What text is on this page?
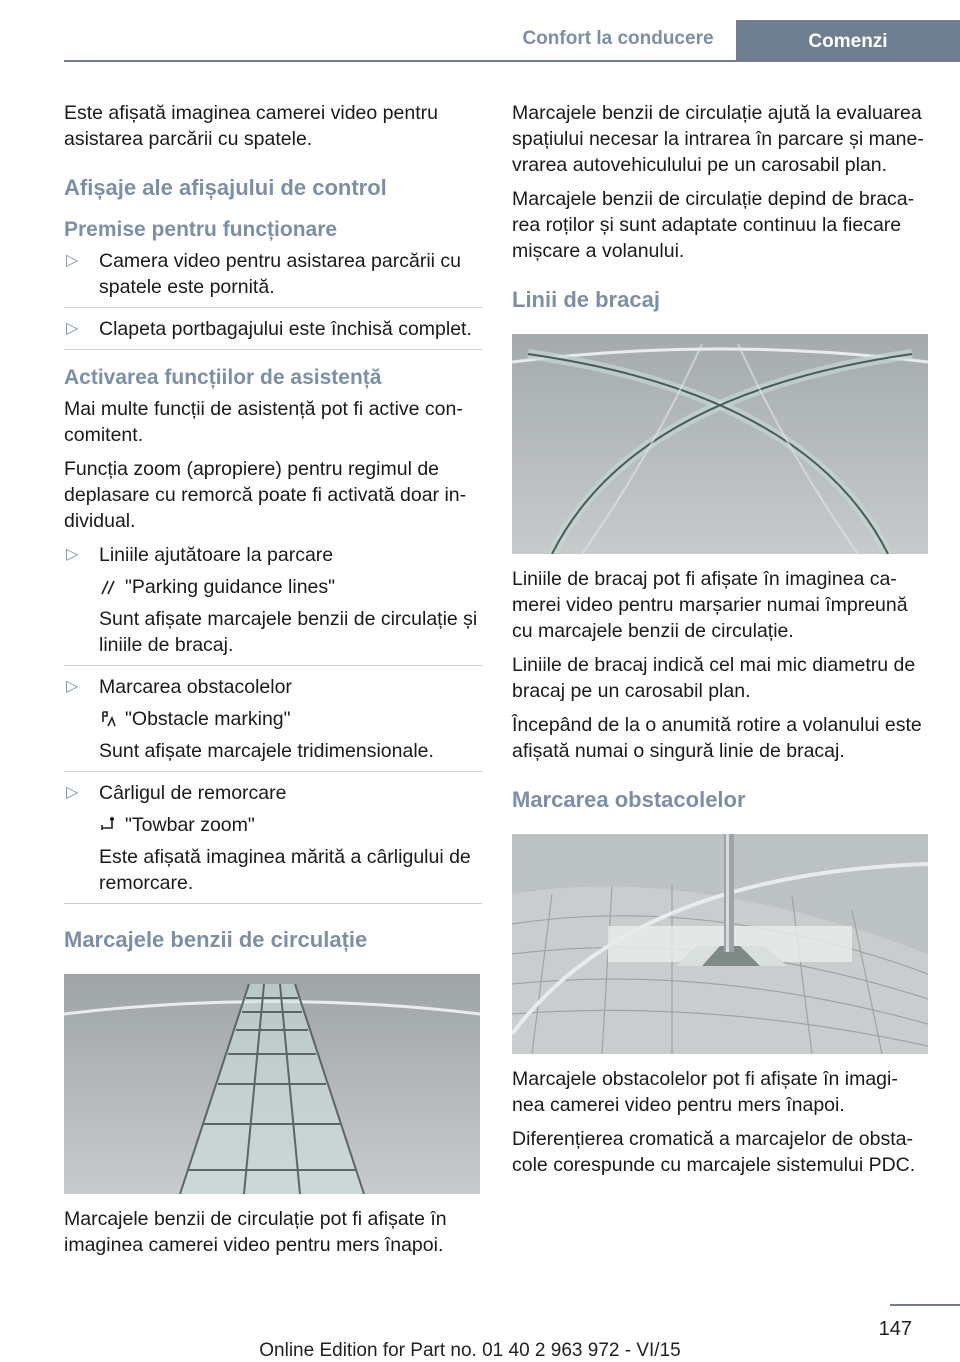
Confort la conducere	Comenzi

Este afișată imaginea camerei video pentru asistarea parcării cu spatele.

Afișaje ale afișajului de control
Premise pentru funcționare
▷ Camera video pentru asistarea parcării cu spatele este pornită.
▷ Clapeta portbagajului este închisă complet.
Activarea funcțiilor de asistență

Mai multe funcții de asistență pot fi active con-comitent.

Funcția zoom (apropiere) pentru regimul de deplasare cu remorcă poate fi activată doar in-dividual.

▷ Liniile ajutătoare la parcare
"Parking guidance lines"
Sunt afișate marcajele benzii de circulație și liniile de bracaj.
▷ Marcarea obstacolelor
"Obstacle marking"
Sunt afișate marcajele tridimensionale.
▷ Cârligul de remorcare
"Towbar zoom"
Este afișată imaginea mărită a cârligului de remorcare.
Marcajele benzii de circulație

Marcajele benzii de circulație pot fi afișate în imaginea camerei video pentru mers înapoi.

Marcajele benzii de circulație ajută la evaluarea spațiului necesar la intrarea în parcare și mane-vrarea autovehiculului pe un carosabil plan.

Marcajele benzii de circulație depind de braca-rea roților și sunt adaptate continuu la fiecare mișcare a volanului.

Linii de bracaj

Liniile de bracaj pot fi afișate în imaginea ca-merei video pentru marșarier numai împreună cu marcajele benzii de circulație.

Liniile de bracaj indică cel mai mic diametru de bracaj pe un carosabil plan.

Începând de la o anumită rotire a volanului este afișată numai o singură linie de bracaj.

Marcarea obstacolelor

Marcajele obstacolelor pot fi afișate în imagi-nea camerei video pentru mers înapoi.

Diferențierea cromatică a marcajelor de obsta-cole corespunde cu marcajele sistemului PDC.

147
Online Edition for Part no. 01 40 2 963 972 - VI/15
